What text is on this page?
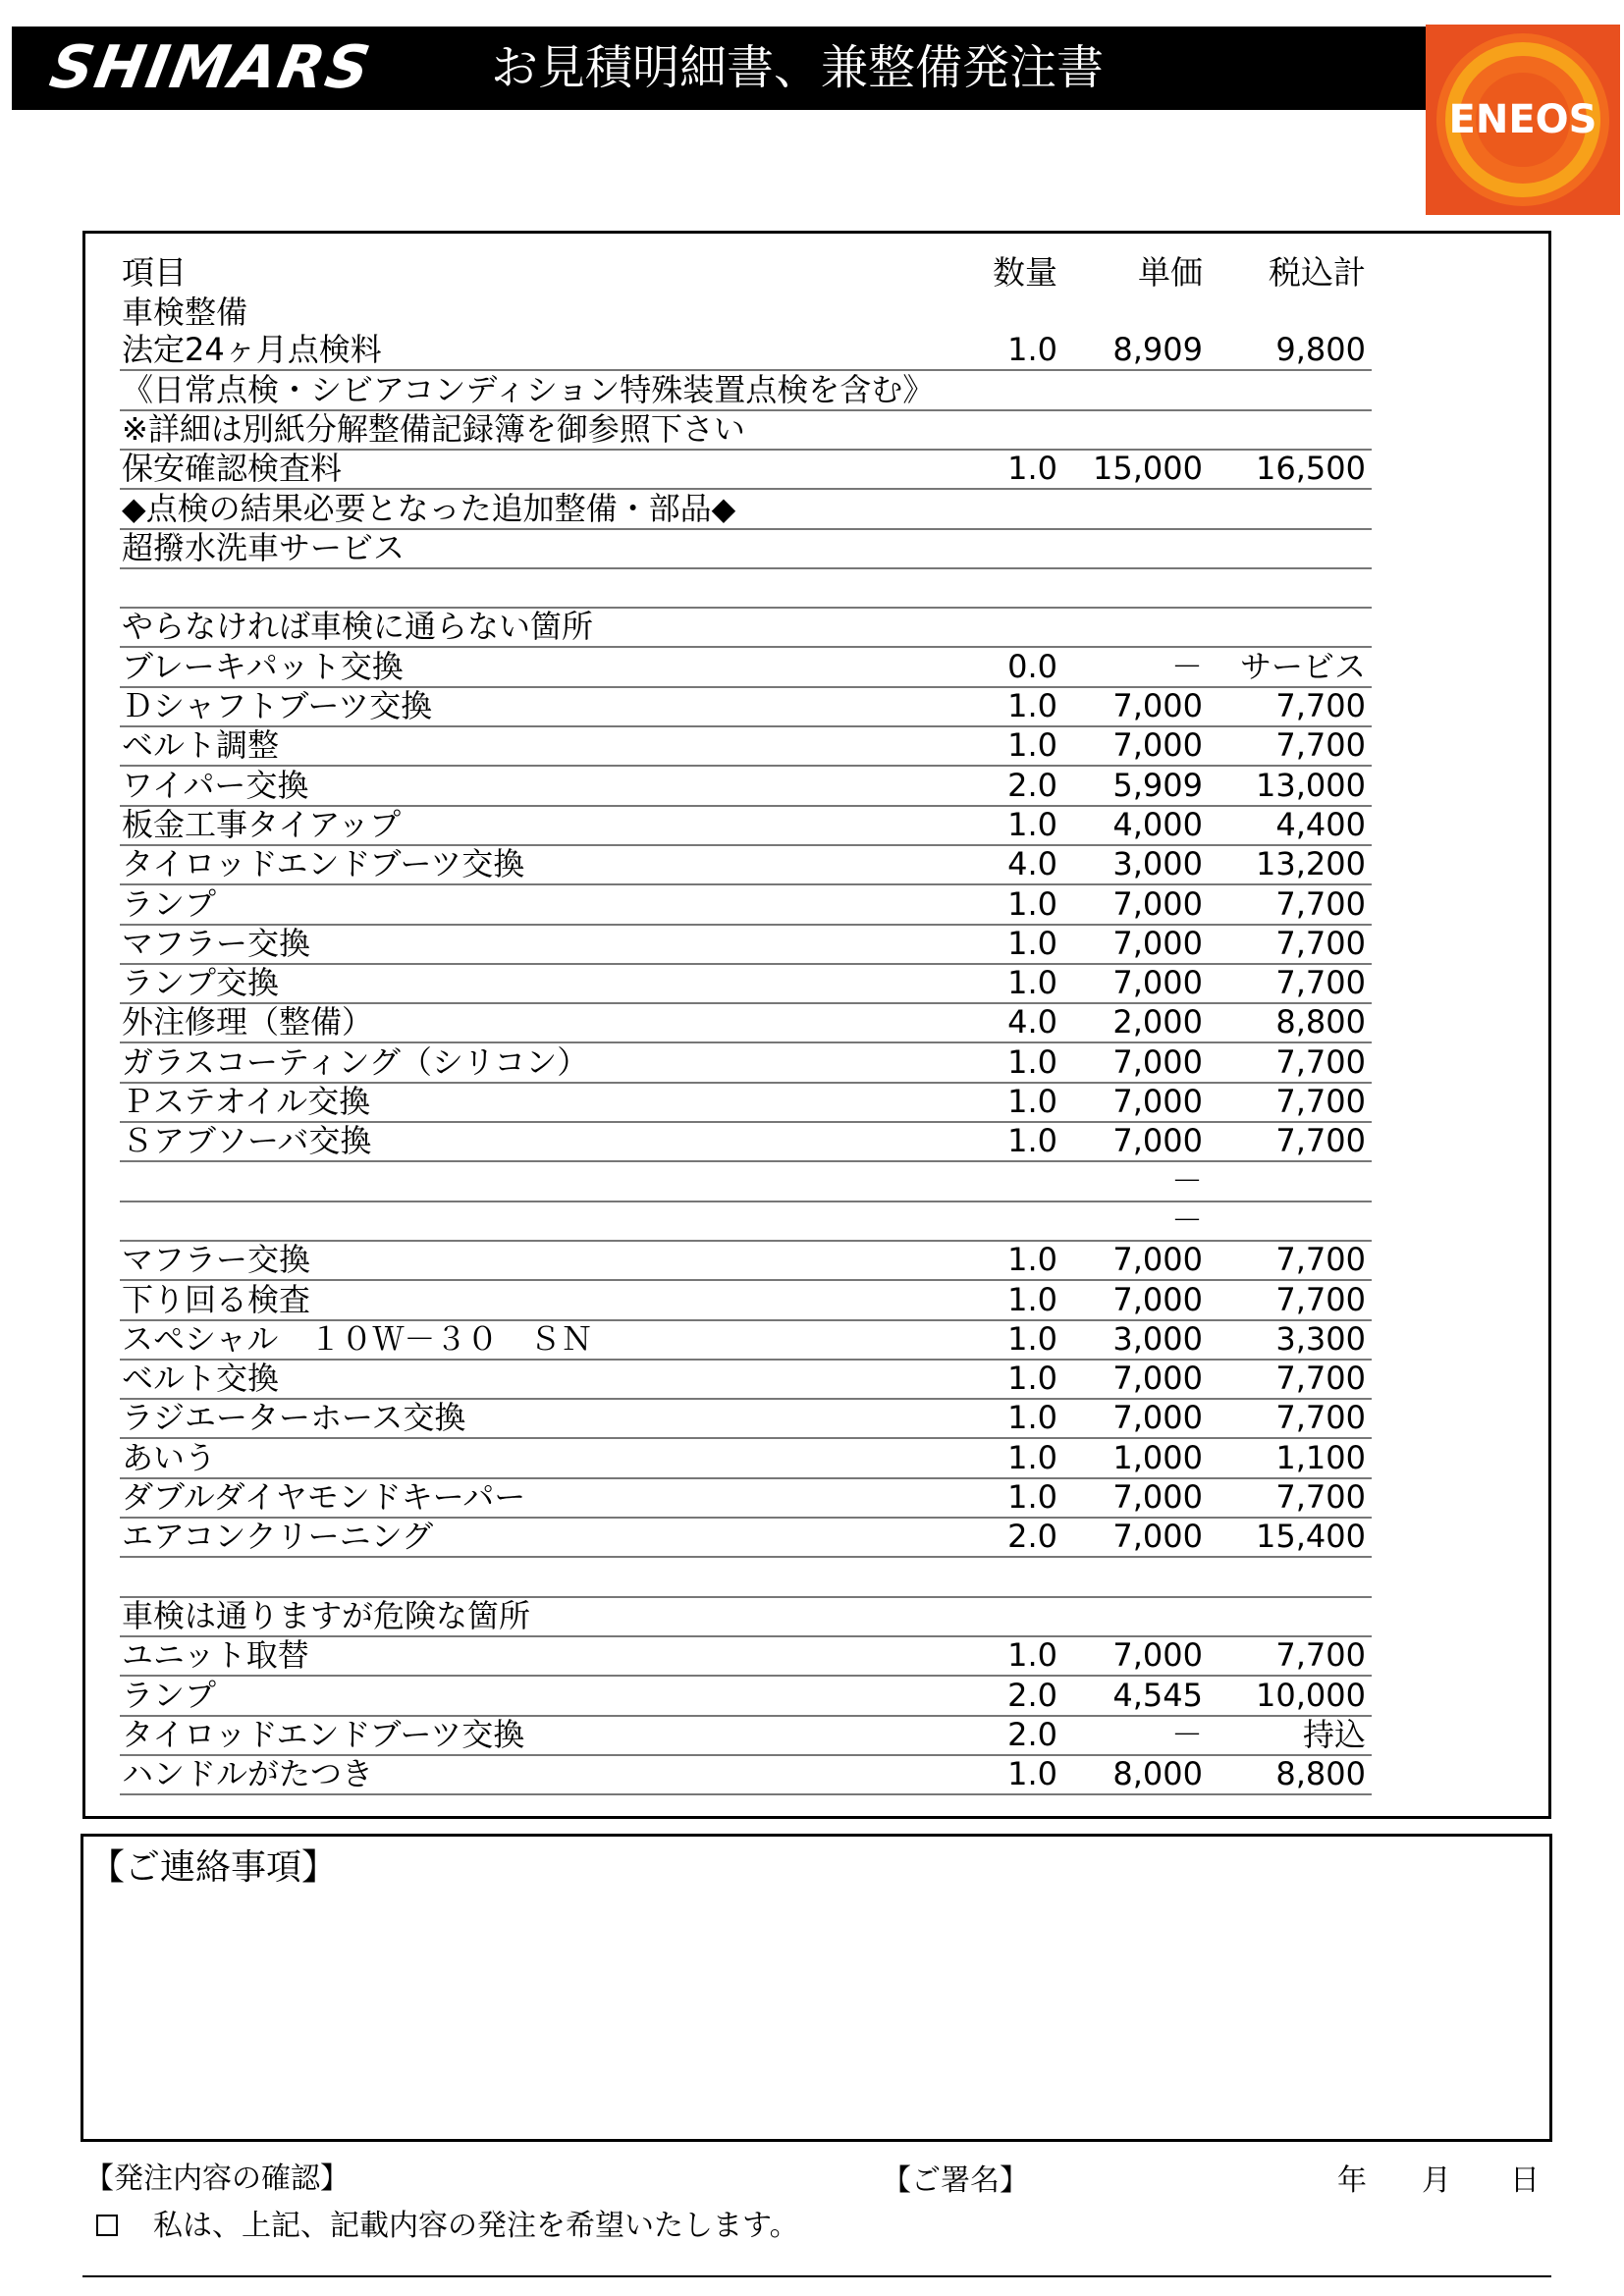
SHIMARS お見積明細書、兼整備発注書
ENEOS
項目	数量 単価 税込計
車検整備
法定24ヶ月点検料	1.0 8,909 9,800
《日常点検・シビアコンディション特殊装置点検を含む》
※詳細は別紙分解整備記録簿を御参照下さい
保安確認検査料	1.0 15,000 16,500
◆点検の結果必要となった追加整備・部品◆
超撥水洗車サービス
やらなければ車検に通らない箇所
ブレーキパット交換	0.0	－ サービス
Ｄシャフトブーツ交換	1.0 7,000 7,700
ベルト調整	1.0 7,000 7,700
ワイパー交換	2.0 5,909 13,000
板金工事タイアップ	1.0 4,000 4,400
タイロッドエンドブーツ交換	4.0 3,000 13,200
ランプ	1.0 7,000 7,700
マフラー交換	1.0 7,000 7,700
ランプ交換	1.0 7,000 7,700
外注修理（整備）	4.0 2,000 8,800
ガラスコーティング（シリコン）	1.0 7,000 7,700
Ｐステオイル交換	1.0 7,000 7,700
Ｓアブソーバ交換	1.0 7,000 7,700
－
－
マフラー交換	1.0 7,000 7,700
下り回る検査	1.0 7,000 7,700
スペシャル　１０Ｗ－３０　ＳＮ	1.0 3,000 3,300
ベルト交換	1.0 7,000 7,700
ラジエーターホース交換	1.0 7,000 7,700
あいう	1.0 1,000 1,100
ダブルダイヤモンドキーパー	1.0 7,000 7,700
エアコンクリーニング	2.0 7,000 15,400
車検は通りますが危険な箇所
ユニット取替	1.0 7,000 7,700
ランプ	2.0 4,545 10,000
タイロッドエンドブーツ交換	2.0	－	持込
ハンドルがたつき	1.0 8,000 8,800
【ご連絡事項】
【発注内容の確認】	【ご署名】	年 月 日
私は、上記、記載内容の発注を希望いたします。
